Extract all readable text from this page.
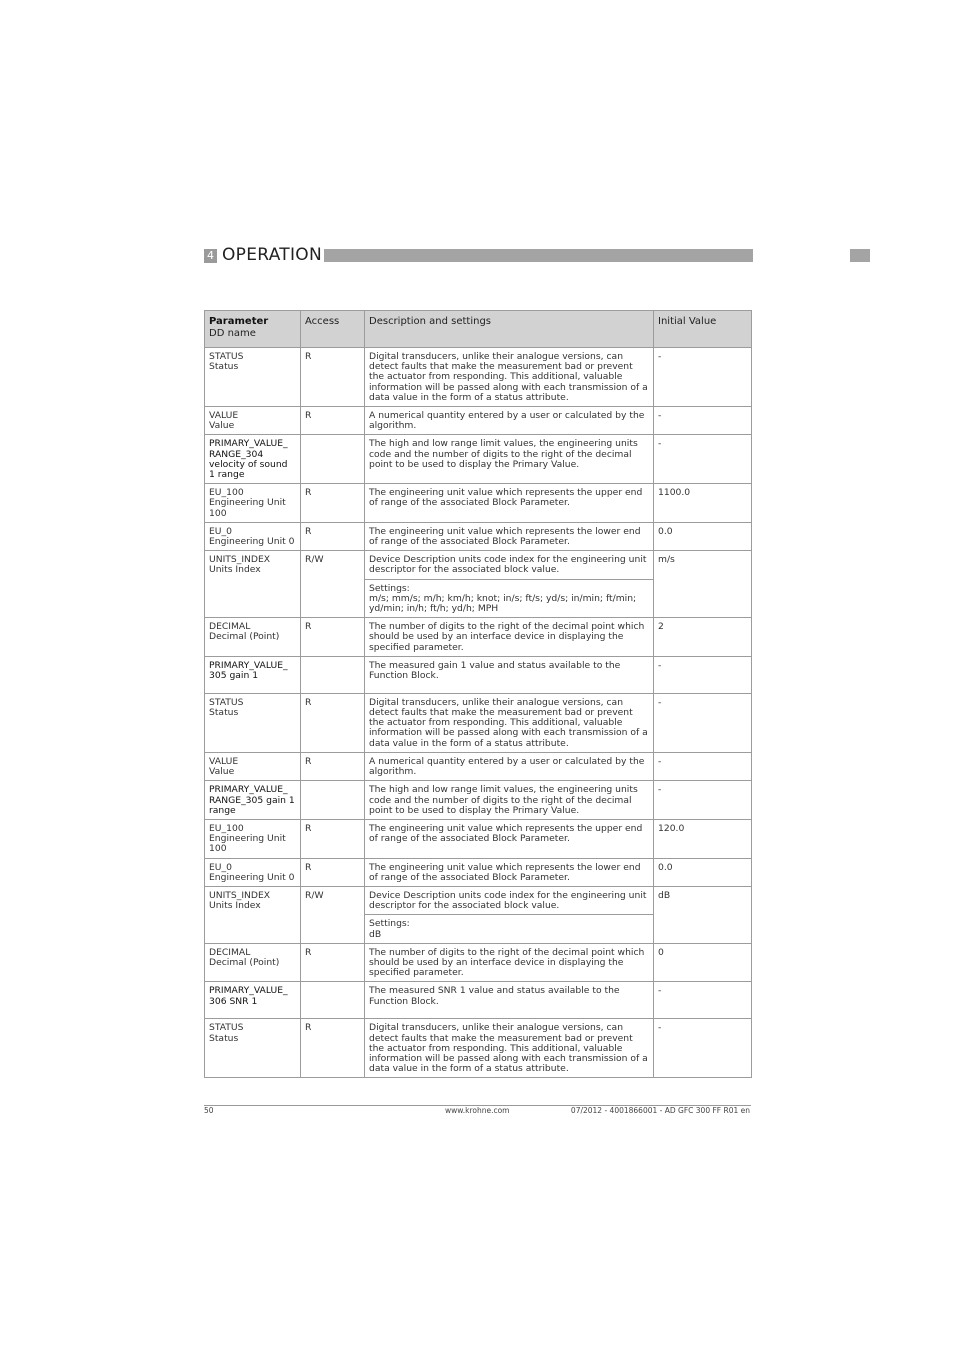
4 OPERATION
GFC 300
Parameter
DD name	Access	Description and settings	Initial Value

STATUS
Status	R	Digital transducers, unlike their analogue versions, can detect faults that make the measurement bad or prevent the actuator from responding. This additional, valuable information will be passed along with each transmission of a data value in the form of a status attribute.	-

VALUE
Value	R	A numerical quantity entered by a user or calculated by the algorithm.	-
PRIMARY_VALUE_ RANGE_304 velocity of sound 1 range		The high and low range limit values, the engineering units code and the number of digits to the right of the decimal point to be used to display the Primary Value.	-

EU_100
Engineering Unit 100	R	The engineering unit value which represents the upper end of range of the associated Block Parameter.	1100.0

EU_0
Engineering Unit 0	R	The engineering unit value which represents the lower end of range of the associated Block Parameter.	0.0

UNITS_INDEX
Units Index	R/W	Device Description units code index for the engineering unit descriptor for the associated block value.	m/s

		Settings:
m/s; mm/s; m/h; km/h; knot; in/s; ft/s; yd/s; in/min; ft/min; yd/min; in/h; ft/h; yd/h; MPH	

DECIMAL
Decimal (Point)	R	The number of digits to the right of the decimal point which should be used by an interface device in displaying the specified parameter.	2
PRIMARY_VALUE_ 305 gain 1		The measured gain 1 value and status available to the Function Block.	-

STATUS
Status	R	Digital transducers, unlike their analogue versions, can detect faults that make the measurement bad or prevent the actuator from responding. This additional, valuable information will be passed along with each transmission of a data value in the form of a status attribute.	-

VALUE
Value	R	A numerical quantity entered by a user or calculated by the algorithm.	-
PRIMARY_VALUE_ RANGE_305 gain 1 range		The high and low range limit values, the engineering units code and the number of digits to the right of the decimal point to be used to display the Primary Value.	-

EU_100
Engineering Unit 100	R	The engineering unit value which represents the upper end of range of the associated Block Parameter.	120.0

EU_0
Engineering Unit 0	R	The engineering unit value which represents the lower end of range of the associated Block Parameter.	0.0

UNITS_INDEX
Units Index	R/W	Device Description units code index for the engineering unit descriptor for the associated block value.	dB

		Settings:
dB	

DECIMAL
Decimal (Point)	R	The number of digits to the right of the decimal point which should be used by an interface device in displaying the specified parameter.	0
PRIMARY_VALUE_ 306 SNR 1		The measured SNR 1 value and status available to the Function Block.	-

STATUS
Status	R	Digital transducers, unlike their analogue versions, can detect faults that make the measurement bad or prevent the actuator from responding. This additional, valuable information will be passed along with each transmission of a data value in the form of a status attribute.	-
50	www.krohne.com	07/2012 - 4001866001 - AD GFC 300 FF R01 en
